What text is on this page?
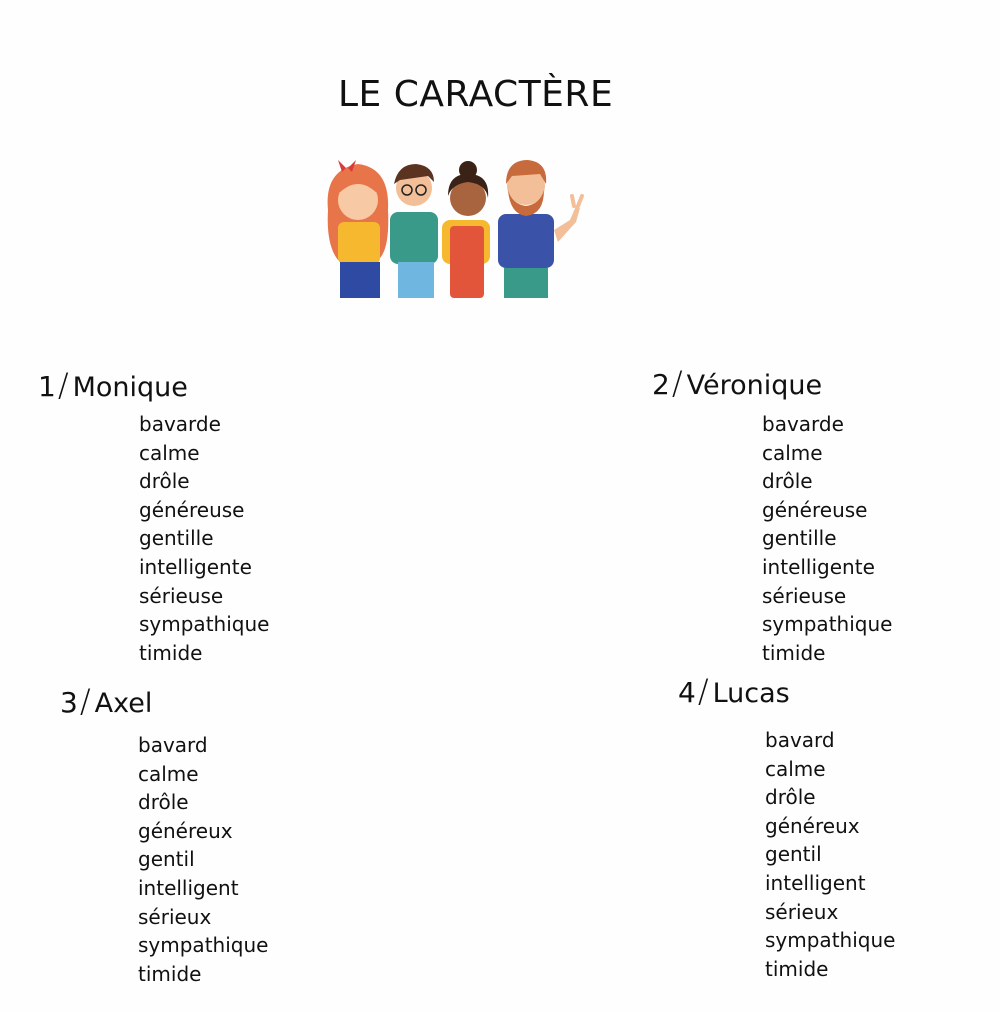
LE CARACTÈRE
1 / Monique
bavarde
calme
drôle
généreuse
gentille
intelligente
sérieuse
sympathique
timide
2 / Véronique
bavarde
calme
drôle
généreuse
gentille
intelligente
sérieuse
sympathique
timide
3 / Axel
bavard
calme
drôle
généreux
gentil
intelligent
sérieux
sympathique
timide
4 / Lucas
bavard
calme
drôle
généreux
gentil
intelligent
sérieux
sympathique
timide
